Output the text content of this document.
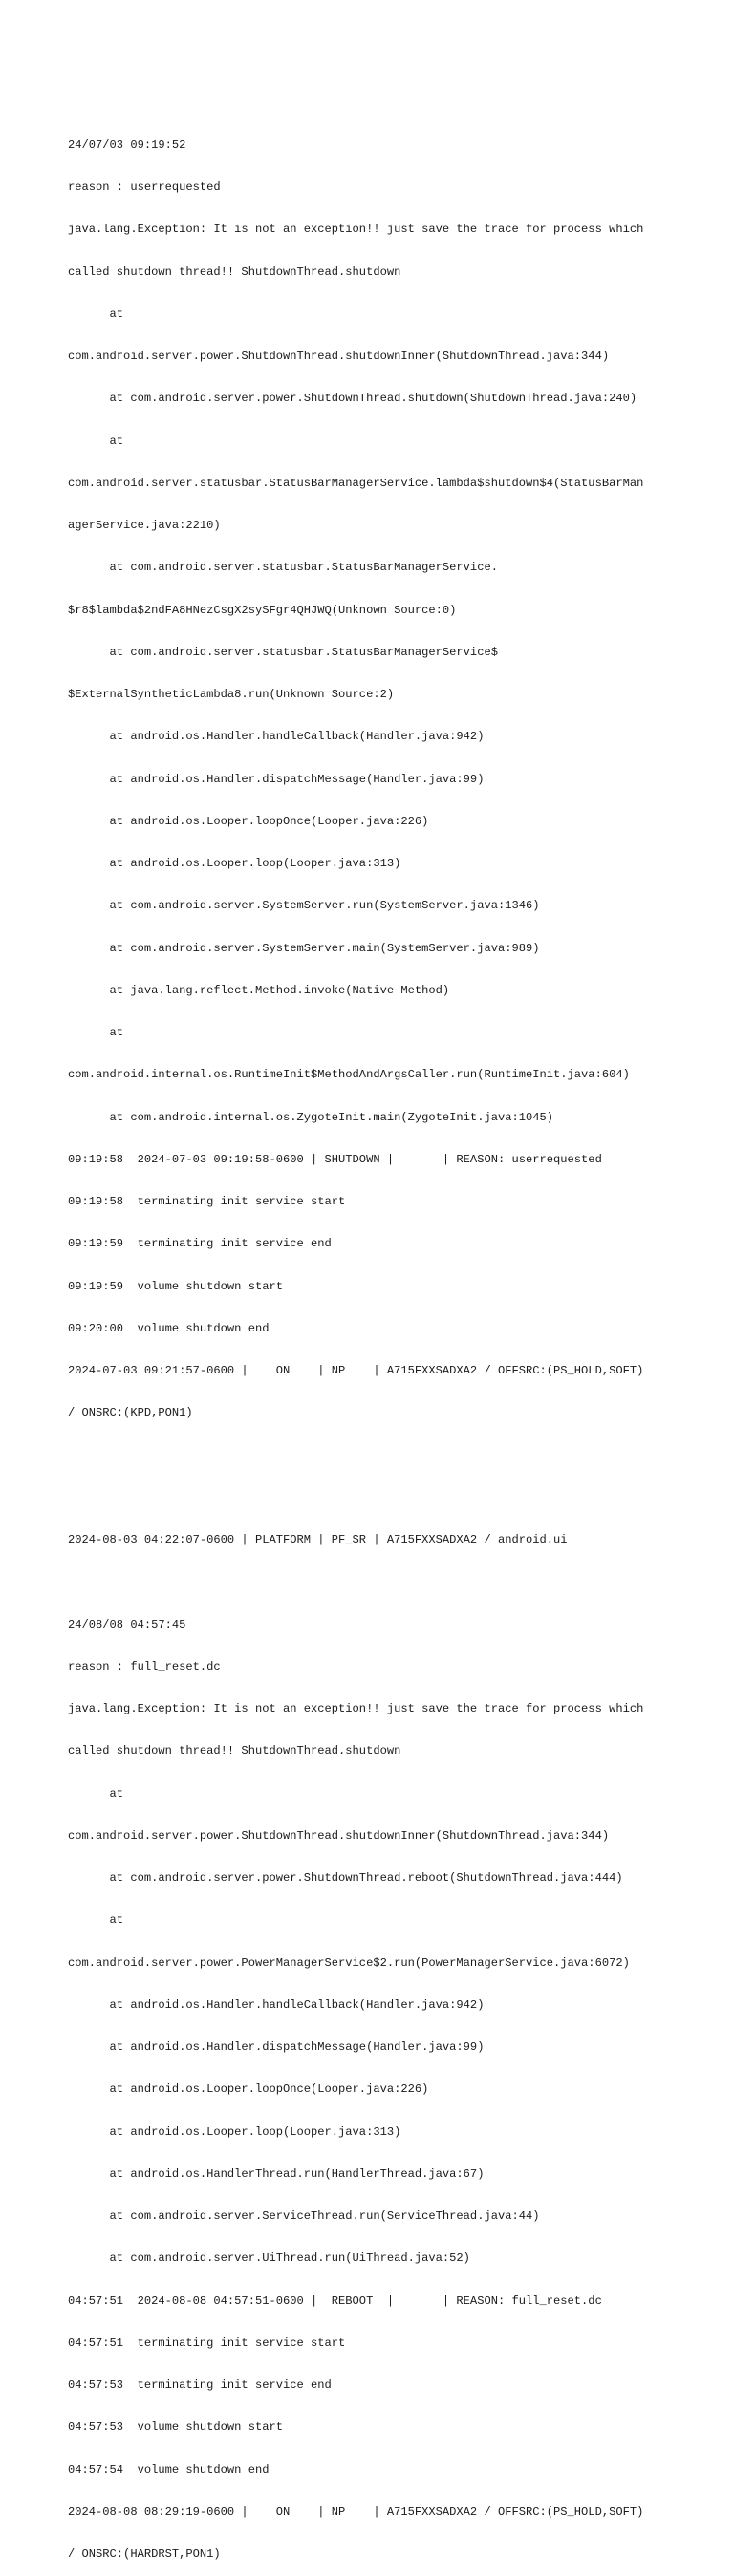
24/07/03 09:19:52

reason : userrequested

java.lang.Exception: It is not an exception!! just save the trace for process which

called shutdown thread!! ShutdownThread.shutdown

at

com.android.server.power.ShutdownThread.shutdownInner(ShutdownThread.java:344)

at com.android.server.power.ShutdownThread.shutdown(ShutdownThread.java:240)

at

com.android.server.statusbar.StatusBarManagerService.lambda$shutdown$4(StatusBarMan

agerService.java:2210)

at com.android.server.statusbar.StatusBarManagerService.

$r8$lambda$2ndFA8HNezCsgX2sySFgr4QHJWQ(Unknown Source:0)

at com.android.server.statusbar.StatusBarManagerService$

$ExternalSyntheticLambda8.run(Unknown Source:2)

at android.os.Handler.handleCallback(Handler.java:942)

at android.os.Handler.dispatchMessage(Handler.java:99)

at android.os.Looper.loopOnce(Looper.java:226)

at android.os.Looper.loop(Looper.java:313)

at com.android.server.SystemServer.run(SystemServer.java:1346)

at com.android.server.SystemServer.main(SystemServer.java:989)

at java.lang.reflect.Method.invoke(Native Method)

at

com.android.internal.os.RuntimeInit$MethodAndArgsCaller.run(RuntimeInit.java:604)

at com.android.internal.os.ZygoteInit.main(ZygoteInit.java:1045)

09:19:58  2024-07-03 09:19:58-0600 | SHUTDOWN |       | REASON: userrequested

09:19:58  terminating init service start

09:19:59  terminating init service end

09:19:59  volume shutdown start

09:20:00  volume shutdown end

2024-07-03 09:21:57-0600 |    ON    | NP    | A715FXXSADXA2 / OFFSRC:(PS_HOLD,SOFT)

/ ONSRC:(KPD,PON1)

2024-08-03 04:22:07-0600 | PLATFORM | PF_SR | A715FXXSADXA2 / android.ui

24/08/08 04:57:45

reason : full_reset.dc

java.lang.Exception: It is not an exception!! just save the trace for process which

called shutdown thread!! ShutdownThread.shutdown

at

com.android.server.power.ShutdownThread.shutdownInner(ShutdownThread.java:344)

at com.android.server.power.ShutdownThread.reboot(ShutdownThread.java:444)

at

com.android.server.power.PowerManagerService$2.run(PowerManagerService.java:6072)

at android.os.Handler.handleCallback(Handler.java:942)

at android.os.Handler.dispatchMessage(Handler.java:99)

at android.os.Looper.loopOnce(Looper.java:226)

at android.os.Looper.loop(Looper.java:313)

at android.os.HandlerThread.run(HandlerThread.java:67)

at com.android.server.ServiceThread.run(ServiceThread.java:44)

at com.android.server.UiThread.run(UiThread.java:52)

04:57:51  2024-08-08 04:57:51-0600 |  REBOOT  |       | REASON: full_reset.dc

04:57:51  terminating init service start

04:57:53  terminating init service end

04:57:53  volume shutdown start

04:57:54  volume shutdown end

2024-08-08 08:29:19-0600 |    ON    | NP    | A715FXXSADXA2 / OFFSRC:(PS_HOLD,SOFT)

/ ONSRC:(HARDRST,PON1)
